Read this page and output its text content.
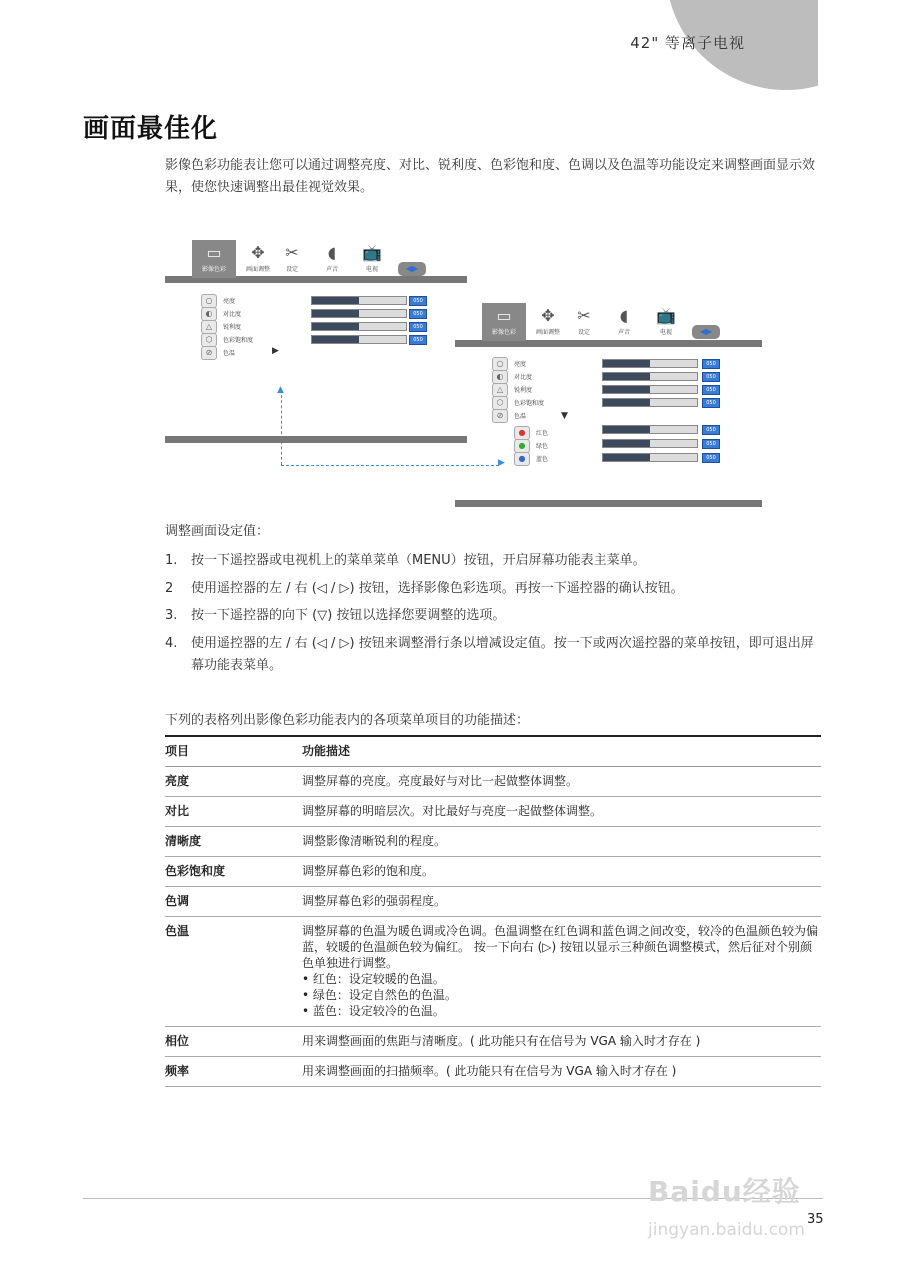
42" 等离子电视
画面最佳化
影像色彩功能表让您可以通过调整亮度、对比、锐利度、色彩饱和度、色调以及色温等功能设定来调整画面显示效果，使您快速调整出最佳视觉效果。
▭
影像色彩
✥
画面调整
✂
设定
◖
声音
📺
电视	◀▶
○	亮度
◐	对比度
△	锐利度
⬡	色彩饱和度
⊘	色温	▶
050
050
050
050
▲
▶
▭
影像色彩
✥
画面调整
✂
设定
◖
声音
📺
电视	◀▶
○	亮度
◐	对比度
△	锐利度
⬡	色彩饱和度
⊘	色温	▼
●	红色
●	绿色
●	蓝色
050
050
050
050
050
050
050
调整画面设定值：
1. 按一下遥控器或电视机上的菜单菜单（MENU）按钮，开启屏幕功能表主菜单。
2 使用遥控器的左 / 右 (◁ / ▷) 按钮，选择影像色彩选项。再按一下遥控器的确认按钮。
3. 按一下遥控器的向下 (▽) 按钮以选择您要调整的选项。
4. 使用遥控器的左 / 右 (◁ / ▷) 按钮来调整滑行条以增减设定值。按一下或两次遥控器的菜单按钮，即可退出屏幕功能表菜单。
下列的表格列出影像色彩功能表内的各项菜单项目的功能描述：
项目	功能描述
亮度	调整屏幕的亮度。亮度最好与对比一起做整体调整。
对比	调整屏幕的明暗层次。对比最好与亮度一起做整体调整。
清晰度	调整影像清晰锐利的程度。
色彩饱和度	调整屏幕色彩的饱和度。
色调	调整屏幕色彩的强弱程度。
色温	调整屏幕的色温为暖色调或冷色调。色温调整在红色调和蓝色调之间改变，较冷的色温颜色较为偏蓝，较暖的色温颜色较为偏红。 按一下向右 (▷) 按钮以显示三种颜色调整模式，然后征对个别颜色单独进行调整。
• 红色：设定较暖的色温。
• 绿色：设定自然色的色温。
• 蓝色：设定较冷的色温。

相位	用来调整画面的焦距与清晰度。( 此功能只有在信号为 VGA 输入时才存在 )
频率	用来调整画面的扫描频率。( 此功能只有在信号为 VGA 输入时才存在 )
Baidu经验
jingyan.baidu.com
35
